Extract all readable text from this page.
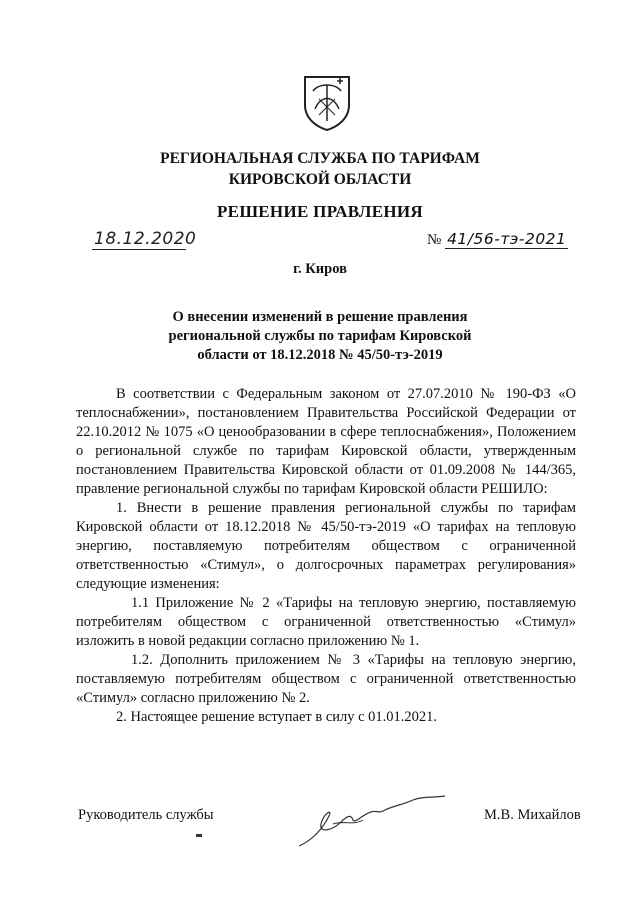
РЕГИОНАЛЬНАЯ СЛУЖБА ПО ТАРИФАМ
КИРОВСКОЙ ОБЛАСТИ
РЕШЕНИЕ ПРАВЛЕНИЯ
18.12.2020	№ 41/56-тэ-2021
г. Киров
О внесении изменений в решение правления
региональной службы по тарифам Кировской
области от 18.12.2018 № 45/50-тэ-2019

В соответствии с Федеральным законом от 27.07.2010 № 190-ФЗ «О теплоснабжении», постановлением Правительства Российской Федерации от 22.10.2012 № 1075 «О ценообразовании в сфере теплоснабжения», Положением о региональной службе по тарифам Кировской области, утвержденным постановлением Правительства Кировской области от 01.09.2008 № 144/365, правление региональной службы по тарифам Кировской области РЕШИЛО:

1. Внести в решение правления региональной службы по тарифам Кировской области от 18.12.2018 № 45/50-тэ-2019 «О тарифах на тепловую энергию, поставляемую потребителям обществом с ограниченной ответственностью «Стимул», о долгосрочных параметрах регулирования» следующие изменения:

1.1 Приложение № 2 «Тарифы на тепловую энергию, поставляемую потребителям обществом с ограниченной ответственностью «Стимул» изложить в новой редакции согласно приложению № 1.

1.2. Дополнить приложением № 3 «Тарифы на тепловую энергию, поставляемую потребителям обществом с ограниченной ответственностью «Стимул» согласно приложению № 2.

2. Настоящее решение вступает в силу с 01.01.2021.

Руководитель службы	М.В. Михайлов
